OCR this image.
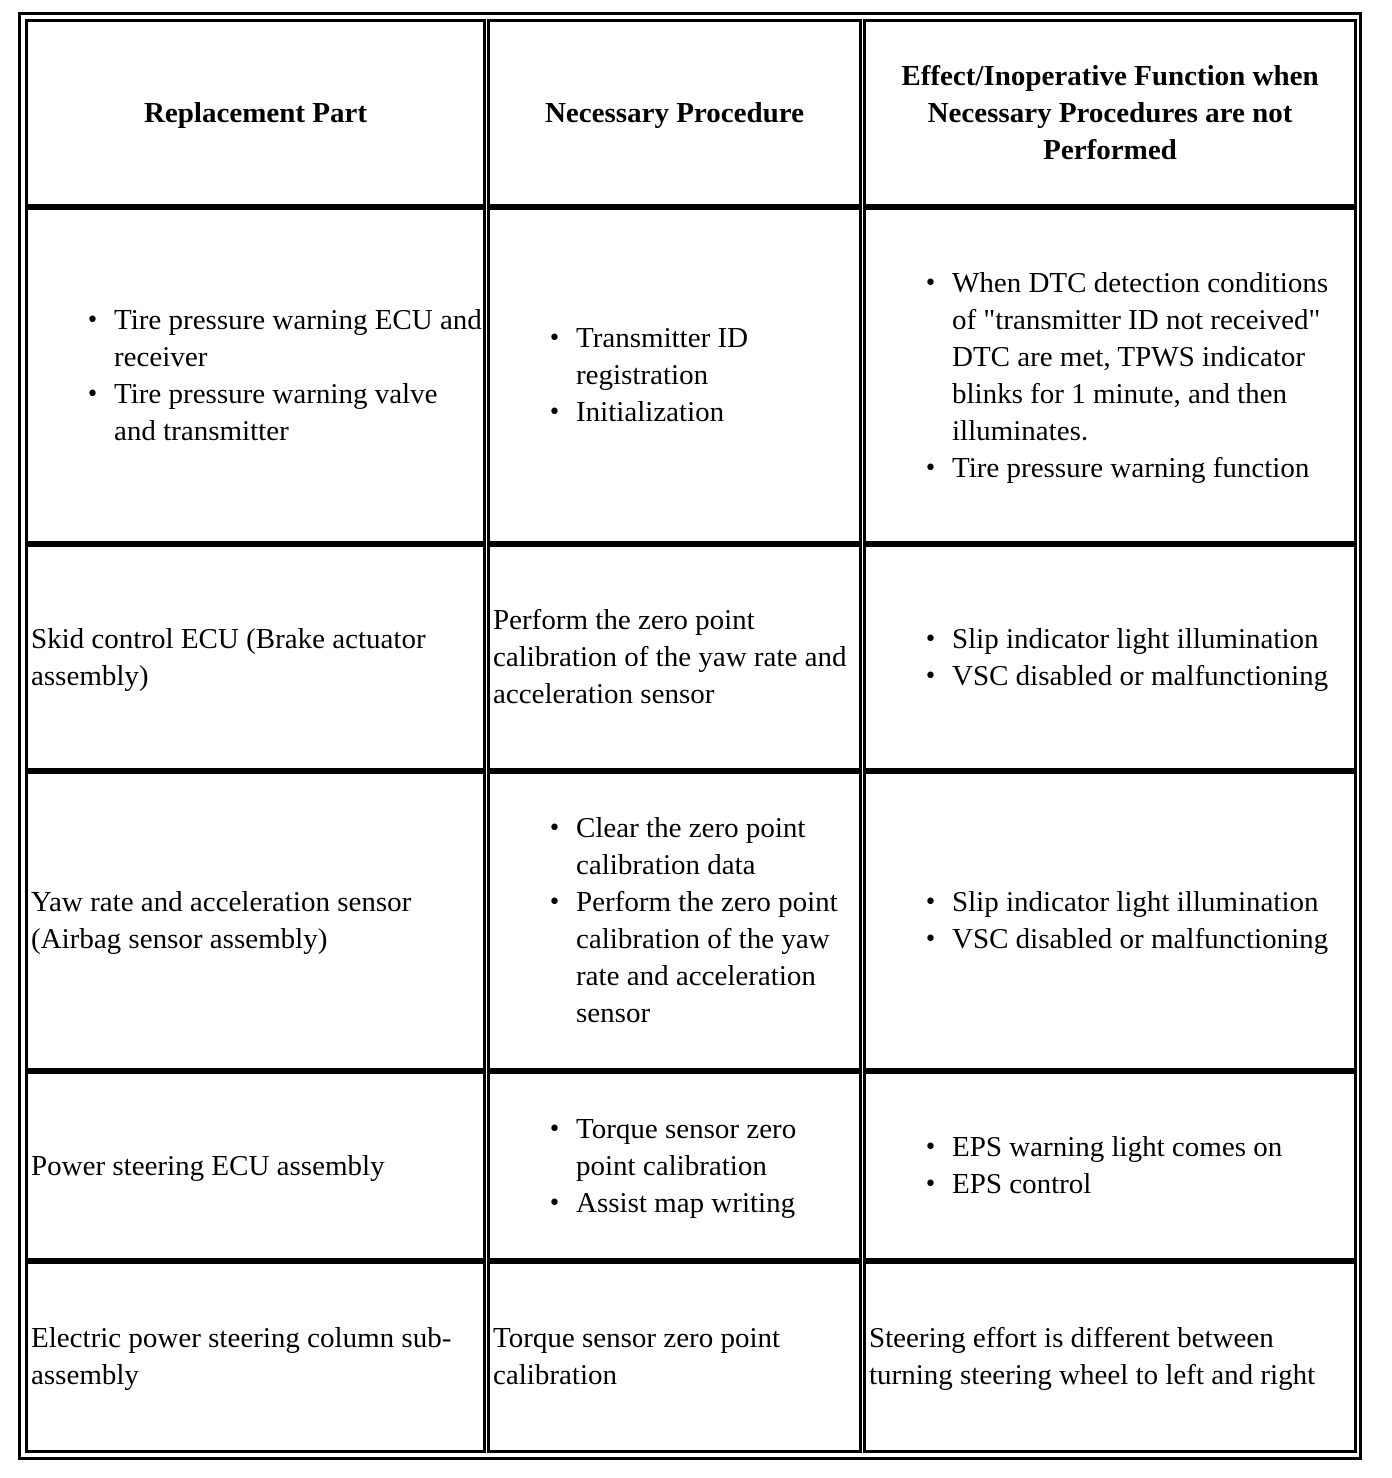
Replacement Part	Necessary Procedure
Effect/Inoperative Function when Necessary Procedures are not Performed
• Tire pressure warning ECU and receiver
• Tire pressure warning valve and transmitter
• Transmitter ID registration
• Initialization
• When DTC detection conditions of "transmitter ID not received" DTC are met, TPWS indicator blinks for 1 minute, and then illuminates.
• Tire pressure warning function
Skid control ECU (Brake actuator assembly)
Perform the zero point calibration of the yaw rate and acceleration sensor
• Slip indicator light illumination
• VSC disabled or malfunctioning
Yaw rate and acceleration sensor (Airbag sensor assembly)
• Clear the zero point calibration data
• Perform the zero point calibration of the yaw rate and acceleration sensor
• Slip indicator light illumination
• VSC disabled or malfunctioning
Power steering ECU assembly
• Torque sensor zero point calibration
• Assist map writing
• EPS warning light comes on
• EPS control
Electric power steering column sub-assembly
Torque sensor zero point calibration
Steering effort is different between turning steering wheel to left and right
